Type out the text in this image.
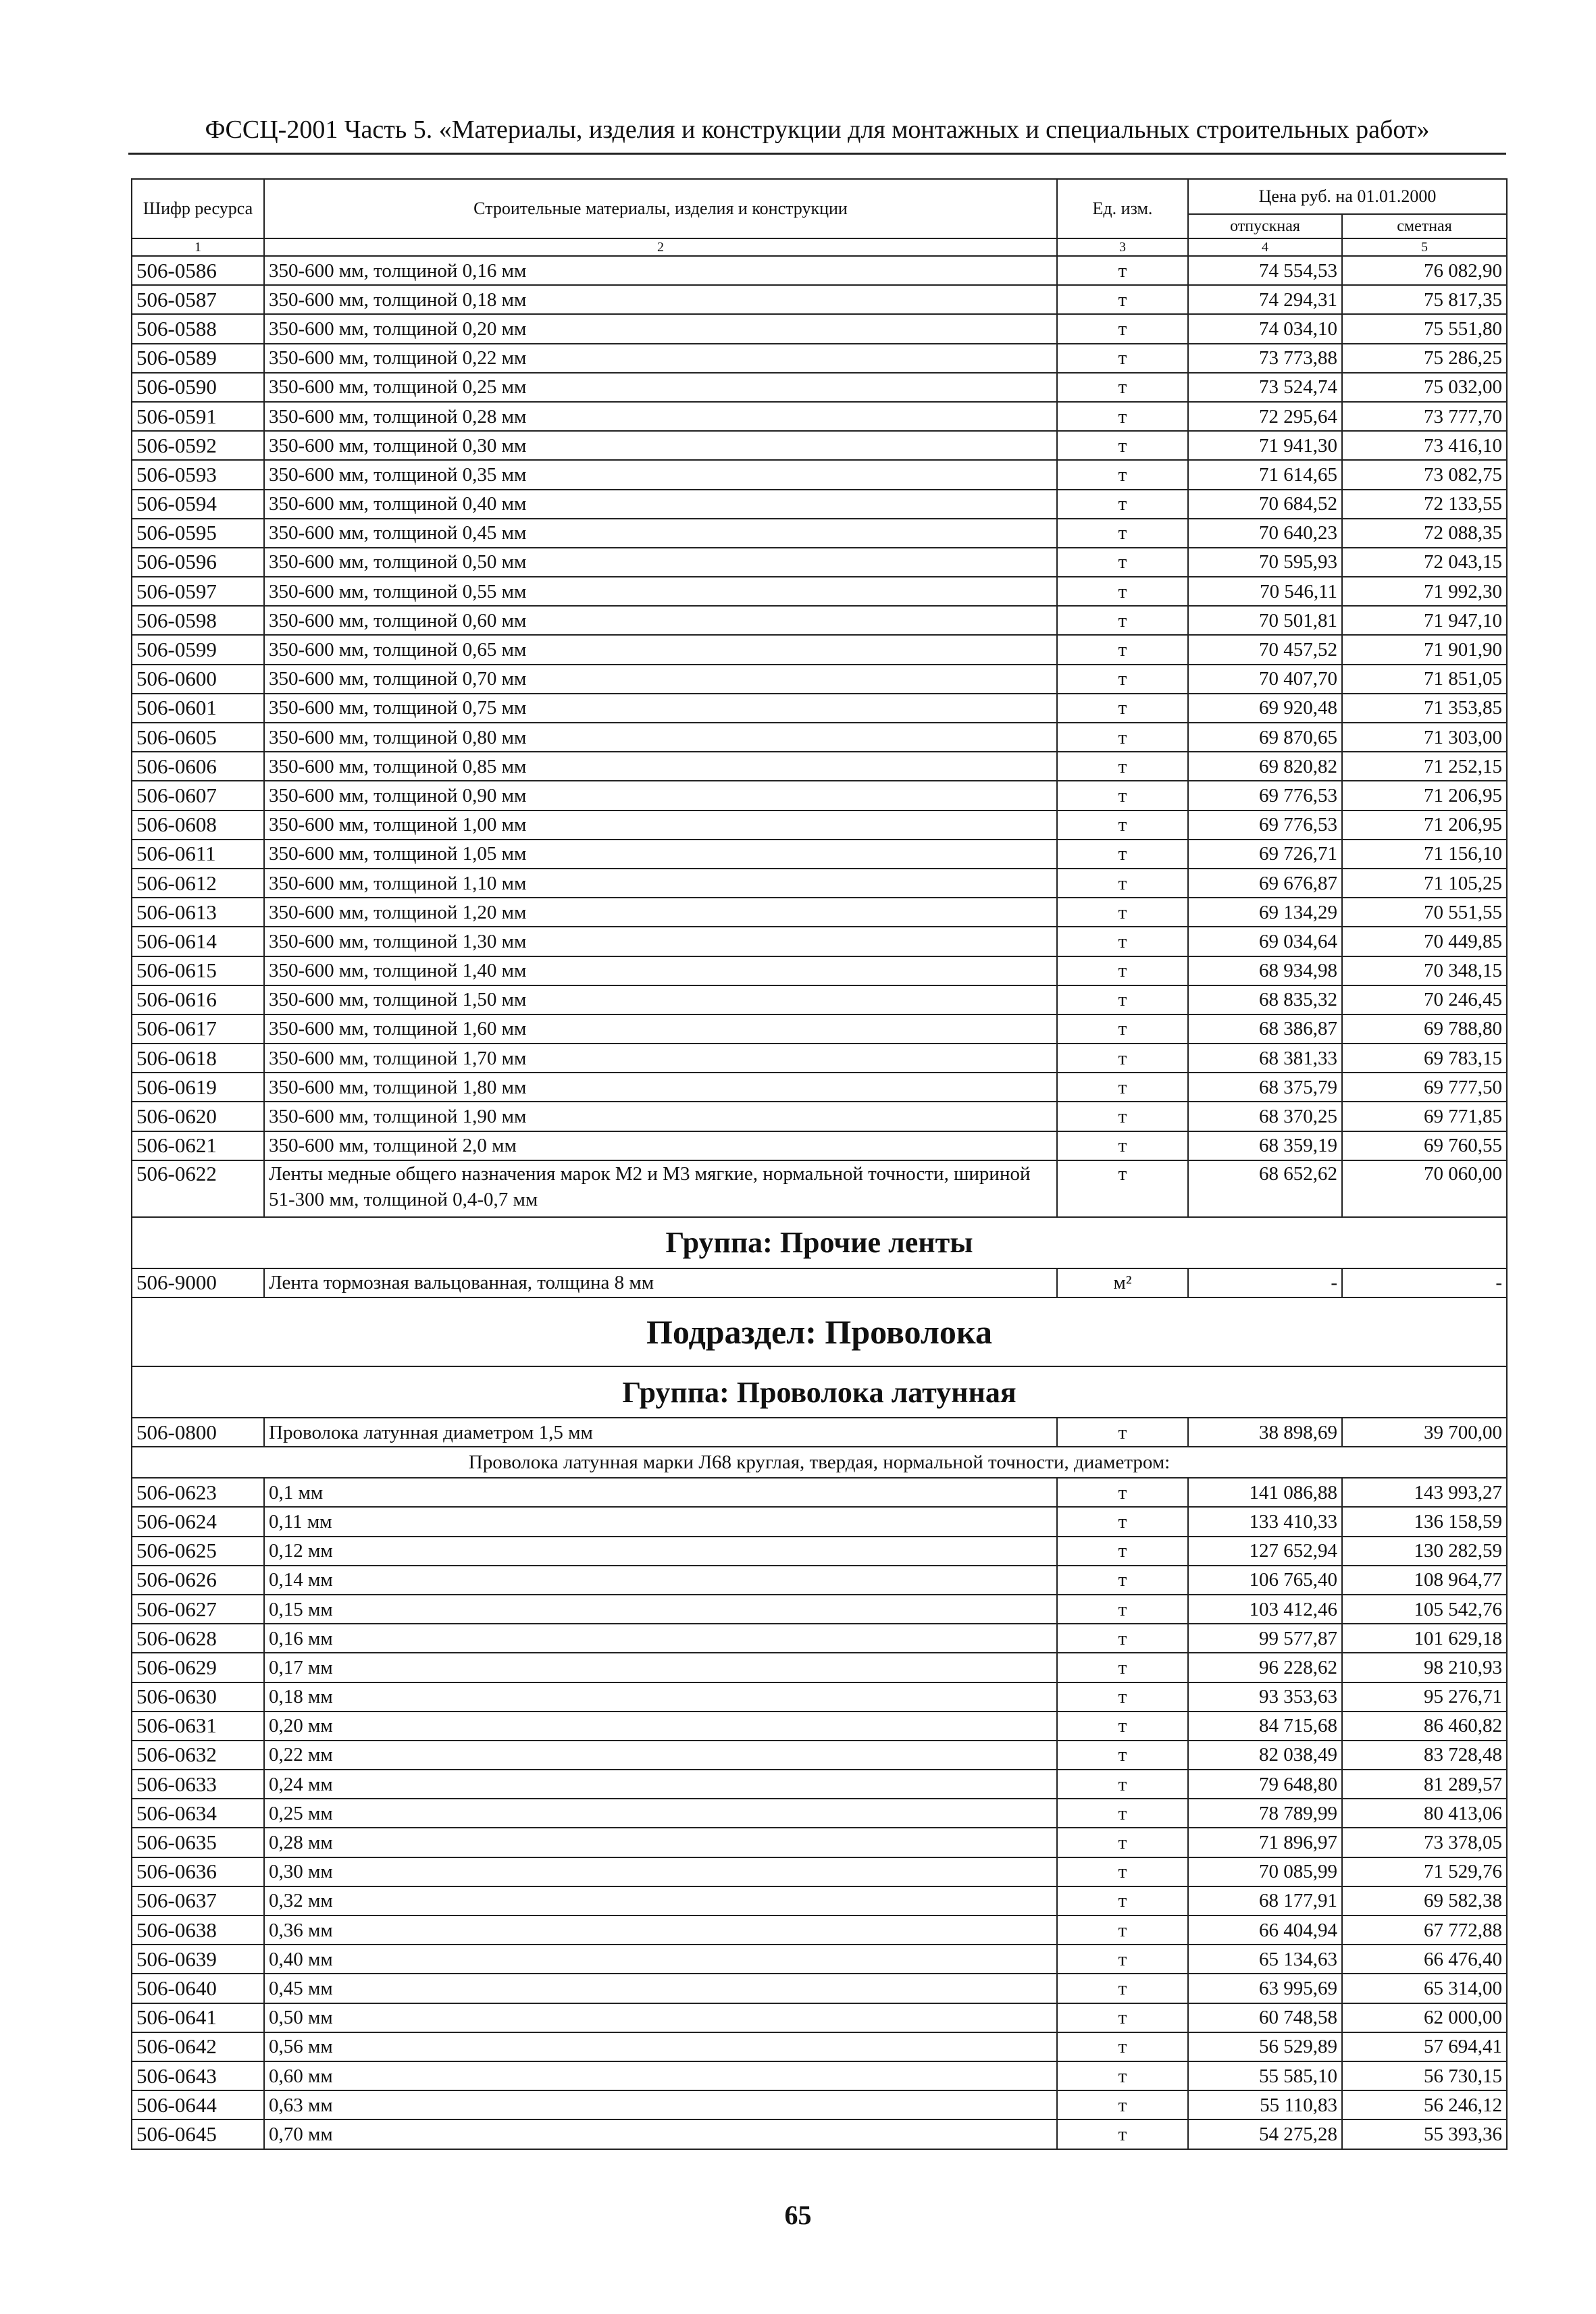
ФССЦ-2001 Часть 5. «Материалы, изделия и конструкции для монтажных и специальных строительных работ»
Шифр ресурса	Строительные материалы, изделия и конструкции	Ед. изм.	Цена руб. на 01.01.2000	
			отпускная	сметная
1	2	3	4	5
506-0586	350-600 мм, толщиной 0,16 мм	т	74 554,53	76 082,90
506-0587	350-600 мм, толщиной 0,18 мм	т	74 294,31	75 817,35
506-0588	350-600 мм, толщиной 0,20 мм	т	74 034,10	75 551,80
506-0589	350-600 мм, толщиной 0,22 мм	т	73 773,88	75 286,25
506-0590	350-600 мм, толщиной 0,25 мм	т	73 524,74	75 032,00
506-0591	350-600 мм, толщиной 0,28 мм	т	72 295,64	73 777,70
506-0592	350-600 мм, толщиной 0,30 мм	т	71 941,30	73 416,10
506-0593	350-600 мм, толщиной 0,35 мм	т	71 614,65	73 082,75
506-0594	350-600 мм, толщиной 0,40 мм	т	70 684,52	72 133,55
506-0595	350-600 мм, толщиной 0,45 мм	т	70 640,23	72 088,35
506-0596	350-600 мм, толщиной 0,50 мм	т	70 595,93	72 043,15
506-0597	350-600 мм, толщиной 0,55 мм	т	70 546,11	71 992,30
506-0598	350-600 мм, толщиной 0,60 мм	т	70 501,81	71 947,10
506-0599	350-600 мм, толщиной 0,65 мм	т	70 457,52	71 901,90
506-0600	350-600 мм, толщиной 0,70 мм	т	70 407,70	71 851,05
506-0601	350-600 мм, толщиной 0,75 мм	т	69 920,48	71 353,85
506-0605	350-600 мм, толщиной 0,80 мм	т	69 870,65	71 303,00
506-0606	350-600 мм, толщиной 0,85 мм	т	69 820,82	71 252,15
506-0607	350-600 мм, толщиной 0,90 мм	т	69 776,53	71 206,95
506-0608	350-600 мм, толщиной 1,00 мм	т	69 776,53	71 206,95
506-0611	350-600 мм, толщиной 1,05 мм	т	69 726,71	71 156,10
506-0612	350-600 мм, толщиной 1,10 мм	т	69 676,87	71 105,25
506-0613	350-600 мм, толщиной 1,20 мм	т	69 134,29	70 551,55
506-0614	350-600 мм, толщиной 1,30 мм	т	69 034,64	70 449,85
506-0615	350-600 мм, толщиной 1,40 мм	т	68 934,98	70 348,15
506-0616	350-600 мм, толщиной 1,50 мм	т	68 835,32	70 246,45
506-0617	350-600 мм, толщиной 1,60 мм	т	68 386,87	69 788,80
506-0618	350-600 мм, толщиной 1,70 мм	т	68 381,33	69 783,15
506-0619	350-600 мм, толщиной 1,80 мм	т	68 375,79	69 777,50
506-0620	350-600 мм, толщиной 1,90 мм	т	68 370,25	69 771,85
506-0621	350-600 мм, толщиной 2,0 мм	т	68 359,19	69 760,55
506-0622	Ленты медные общего назначения марок М2 и М3 мягкие, нормальной точности, шириной 51-300 мм, толщиной 0,4-0,7 мм	т	68 652,62	70 060,00
Группа: Прочие ленты				
506-9000	Лента тормозная вальцованная, толщина 8 мм	м²	-	-
Подраздел: Проволока				
Группа: Проволока латунная				
506-0800	Проволока латунная диаметром 1,5 мм	т	38 898,69	39 700,00
Проволока латунная марки Л68 круглая, твердая, нормальной точности, диаметром:				
506-0623	0,1 мм	т	141 086,88	143 993,27
506-0624	0,11 мм	т	133 410,33	136 158,59
506-0625	0,12 мм	т	127 652,94	130 282,59
506-0626	0,14 мм	т	106 765,40	108 964,77
506-0627	0,15 мм	т	103 412,46	105 542,76
506-0628	0,16 мм	т	99 577,87	101 629,18
506-0629	0,17 мм	т	96 228,62	98 210,93
506-0630	0,18 мм	т	93 353,63	95 276,71
506-0631	0,20 мм	т	84 715,68	86 460,82
506-0632	0,22 мм	т	82 038,49	83 728,48
506-0633	0,24 мм	т	79 648,80	81 289,57
506-0634	0,25 мм	т	78 789,99	80 413,06
506-0635	0,28 мм	т	71 896,97	73 378,05
506-0636	0,30 мм	т	70 085,99	71 529,76
506-0637	0,32 мм	т	68 177,91	69 582,38
506-0638	0,36 мм	т	66 404,94	67 772,88
506-0639	0,40 мм	т	65 134,63	66 476,40
506-0640	0,45 мм	т	63 995,69	65 314,00
506-0641	0,50 мм	т	60 748,58	62 000,00
506-0642	0,56 мм	т	56 529,89	57 694,41
506-0643	0,60 мм	т	55 585,10	56 730,15
506-0644	0,63 мм	т	55 110,83	56 246,12
506-0645	0,70 мм	т	54 275,28	55 393,36
65
